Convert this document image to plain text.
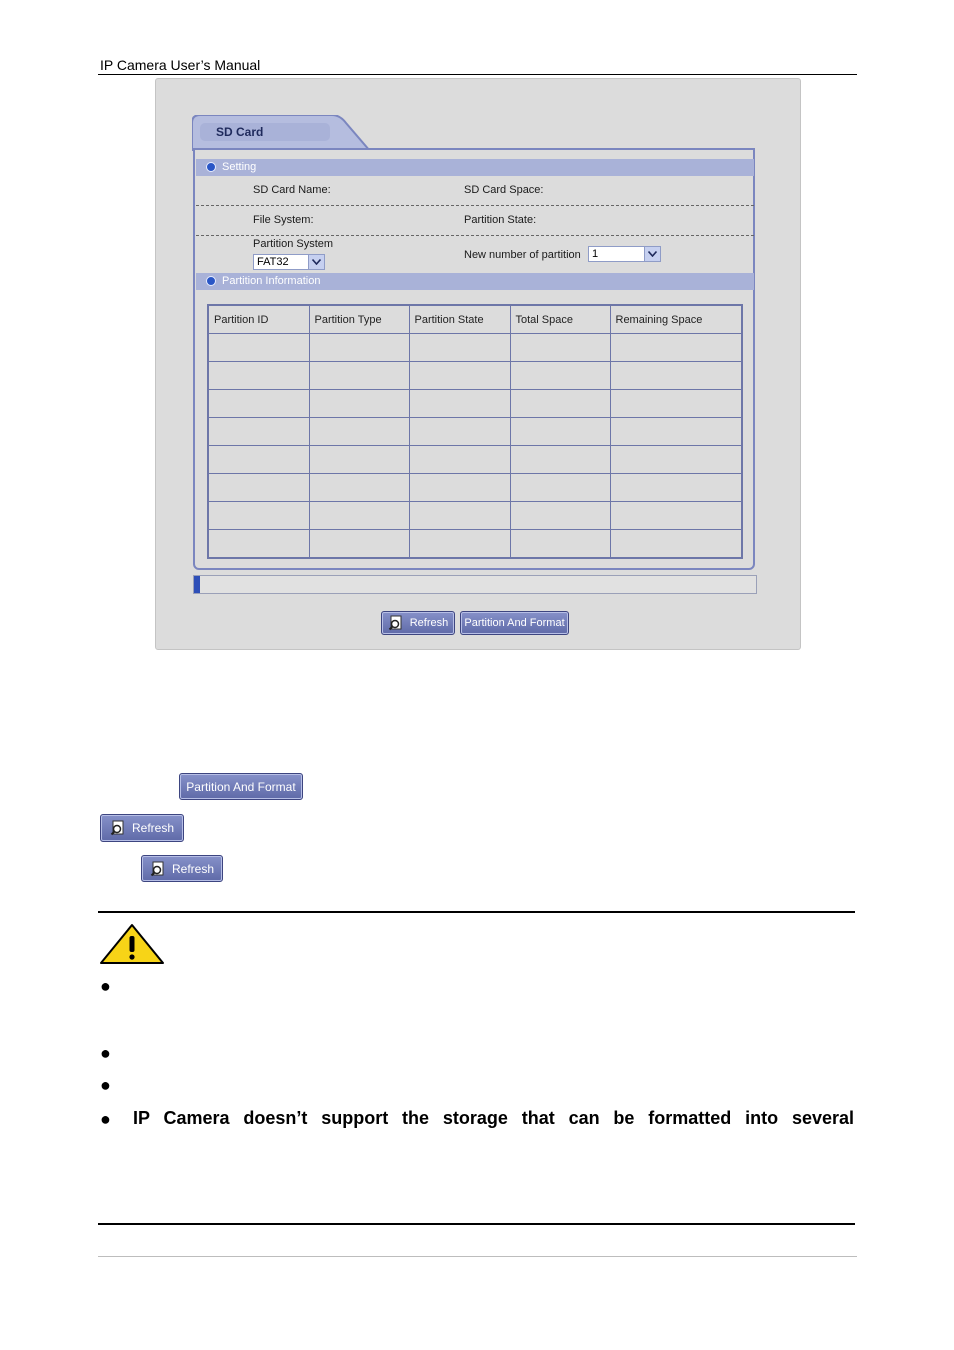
IP Camera User’s Manual
SD Card
Setting
SD Card Name:	SD Card Space:
File System:	Partition State:
Partition System
FAT32
New number of partition	1
Partition Information
Partition ID	Partition Type	Partition State	Total Space	Remaining Space

Refresh Partition And Format
Partition And Format
Refresh
Refresh
●
●
●
● IP Camera doesn’t support the storage that can be formatted into several
